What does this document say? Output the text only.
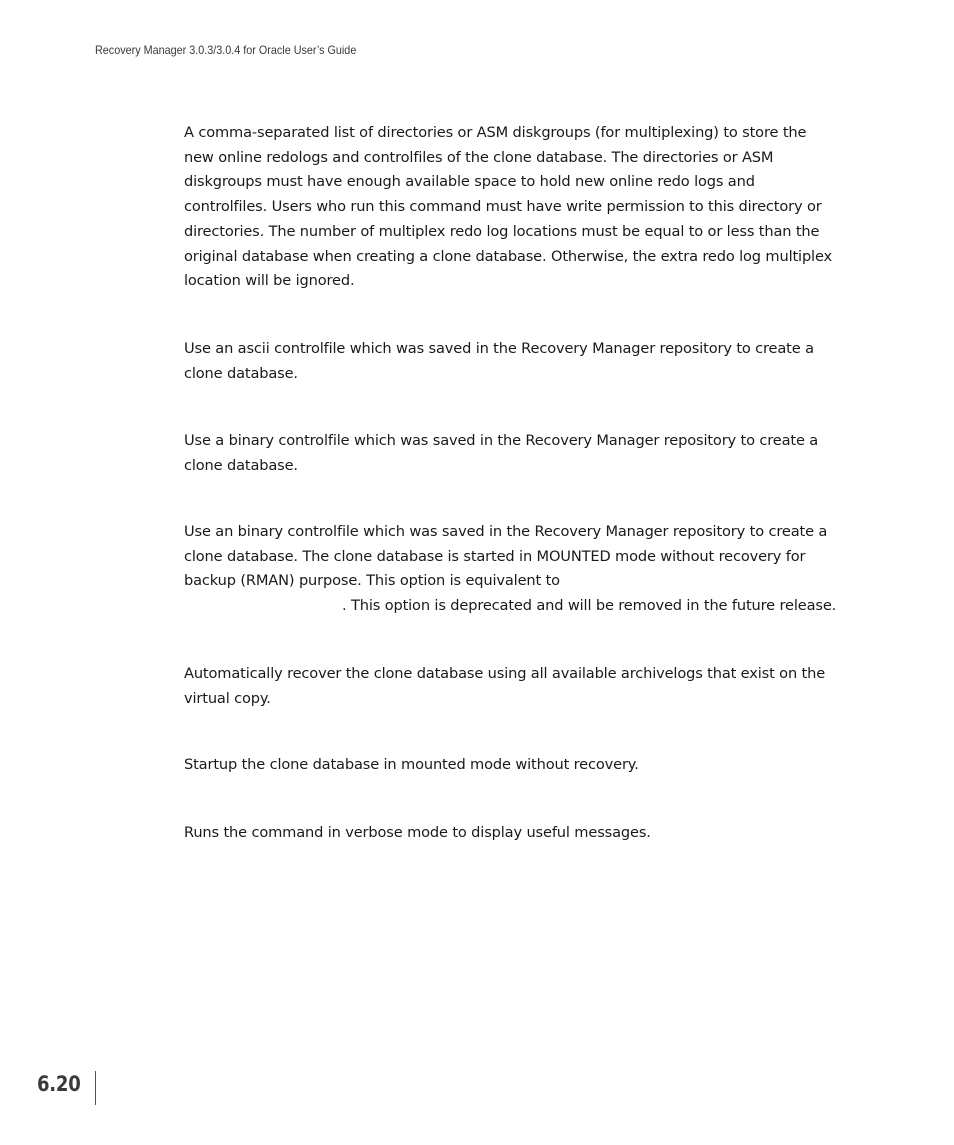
Recovery Manager 3.0.3/3.0.4 for Oracle User’s Guide
A comma-separated list of directories or ASM diskgroups (for multiplexing) to store the
new online redologs and controlfiles of the clone database. The directories or ASM
diskgroups must have enough available space to hold new online redo logs and
controlfiles. Users who run this command must have write permission to this directory or
directories. The number of multiplex redo log locations must be equal to or less than the
original database when creating a clone database. Otherwise, the extra redo log multiplex
location will be ignored.
Use an ascii controlfile which was saved in the Recovery Manager repository to create a
clone database.
Use a binary controlfile which was saved in the Recovery Manager repository to create a
clone database.
Use an binary controlfile which was saved in the Recovery Manager repository to create a
clone database. The clone database is started in MOUNTED mode without recovery for
backup (RMAN) purpose. This option is equivalent to
. This option is deprecated and will be removed in the future release.
Automatically recover the clone database using all available archivelogs that exist on the
virtual copy.
Startup the clone database in mounted mode without recovery.
Runs the command in verbose mode to display useful messages.
6.20
